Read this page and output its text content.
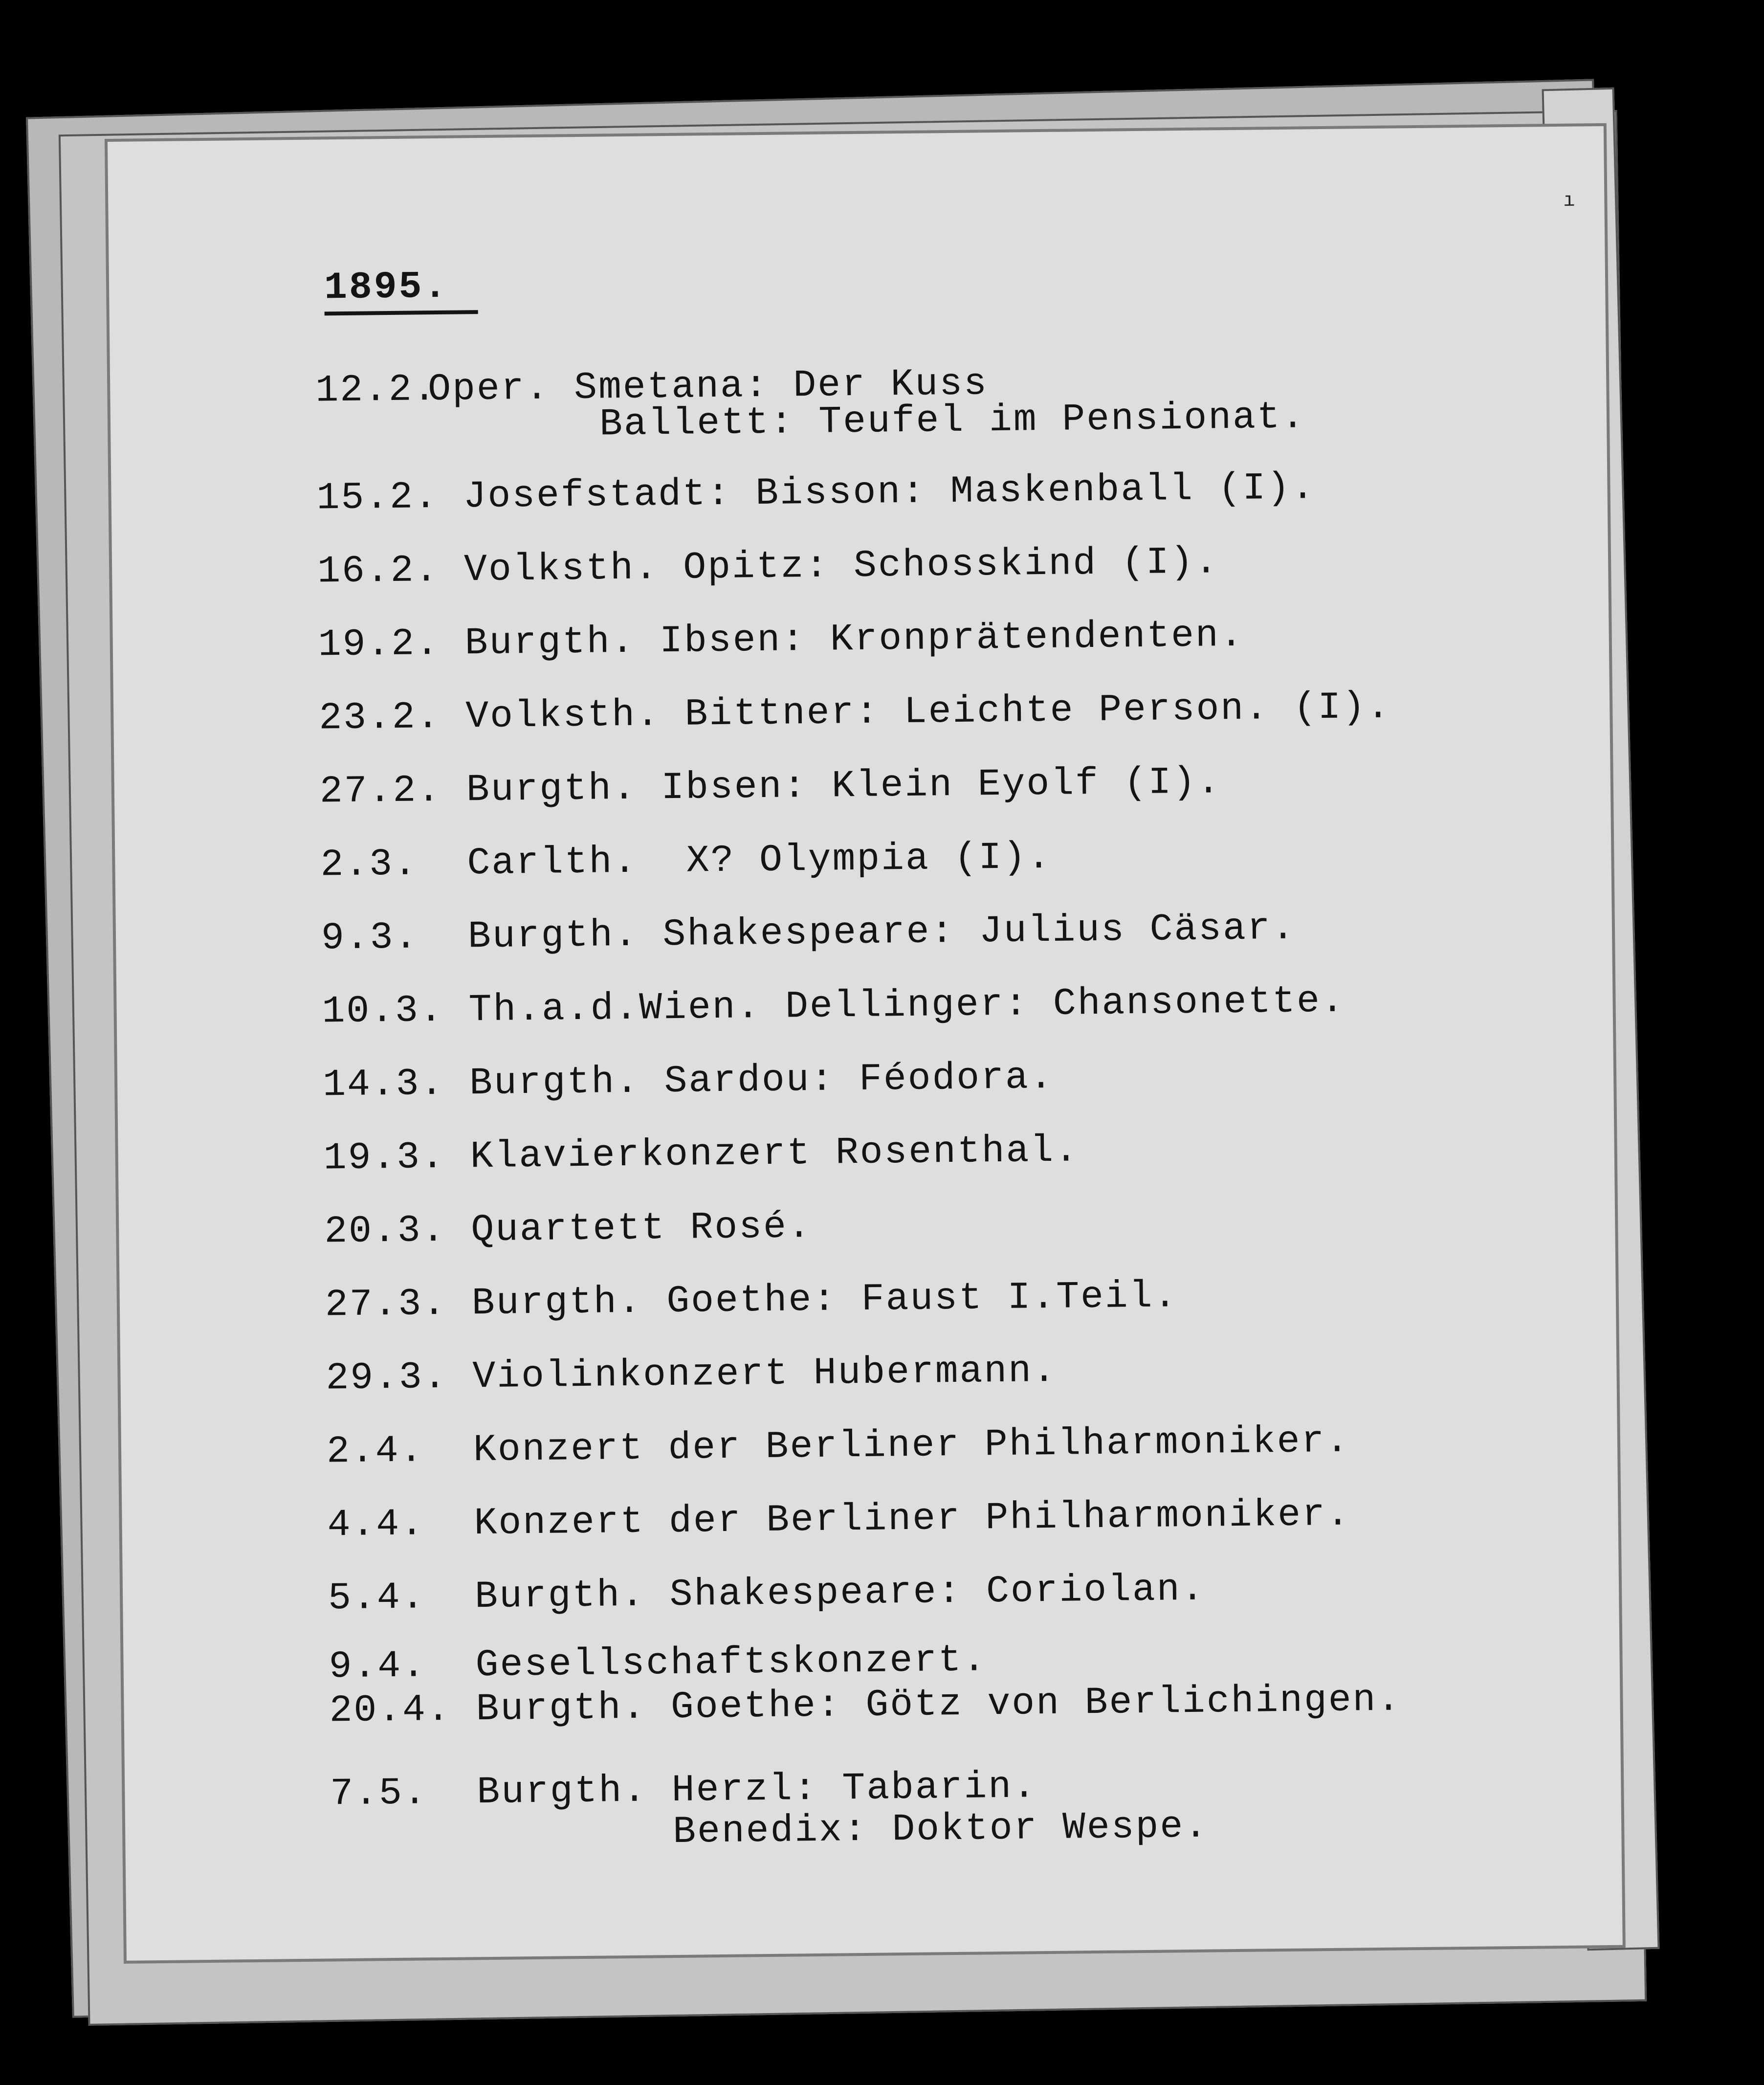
ı
1895.
12.2.Oper. Smetana: Der Kuss
Ballett: Teufel im Pensionat.
15.2. Josefstadt: Bisson: Maskenball (I).
16.2. Volksth. Opitz: Schosskind (I).
19.2. Burgth. Ibsen: Kronprätendenten.
23.2. Volksth. Bittner: Leichte Person. (I).
27.2. Burgth. Ibsen: Klein Eyolf (I).
2.3. Carlth.  X? Olympia (I).
9.3. Burgth. Shakespeare: Julius Cäsar.
10.3. Th.a.d.Wien. Dellinger: Chansonette.
14.3. Burgth. Sardou: Féodora.
19.3. Klavierkonzert Rosenthal.
20.3. Quartett Rosé.
27.3. Burgth. Goethe: Faust I.Teil.
29.3. Violinkonzert Hubermann.
2.4. Konzert der Berliner Philharmoniker.
4.4. Konzert der Berliner Philharmoniker.
5.4. Burgth. Shakespeare: Coriolan.
9.4. Gesellschaftskonzert.
20.4. Burgth. Goethe: Götz von Berlichingen.
7.5. Burgth. Herzl: Tabarin.
Benedix: Doktor Wespe.
